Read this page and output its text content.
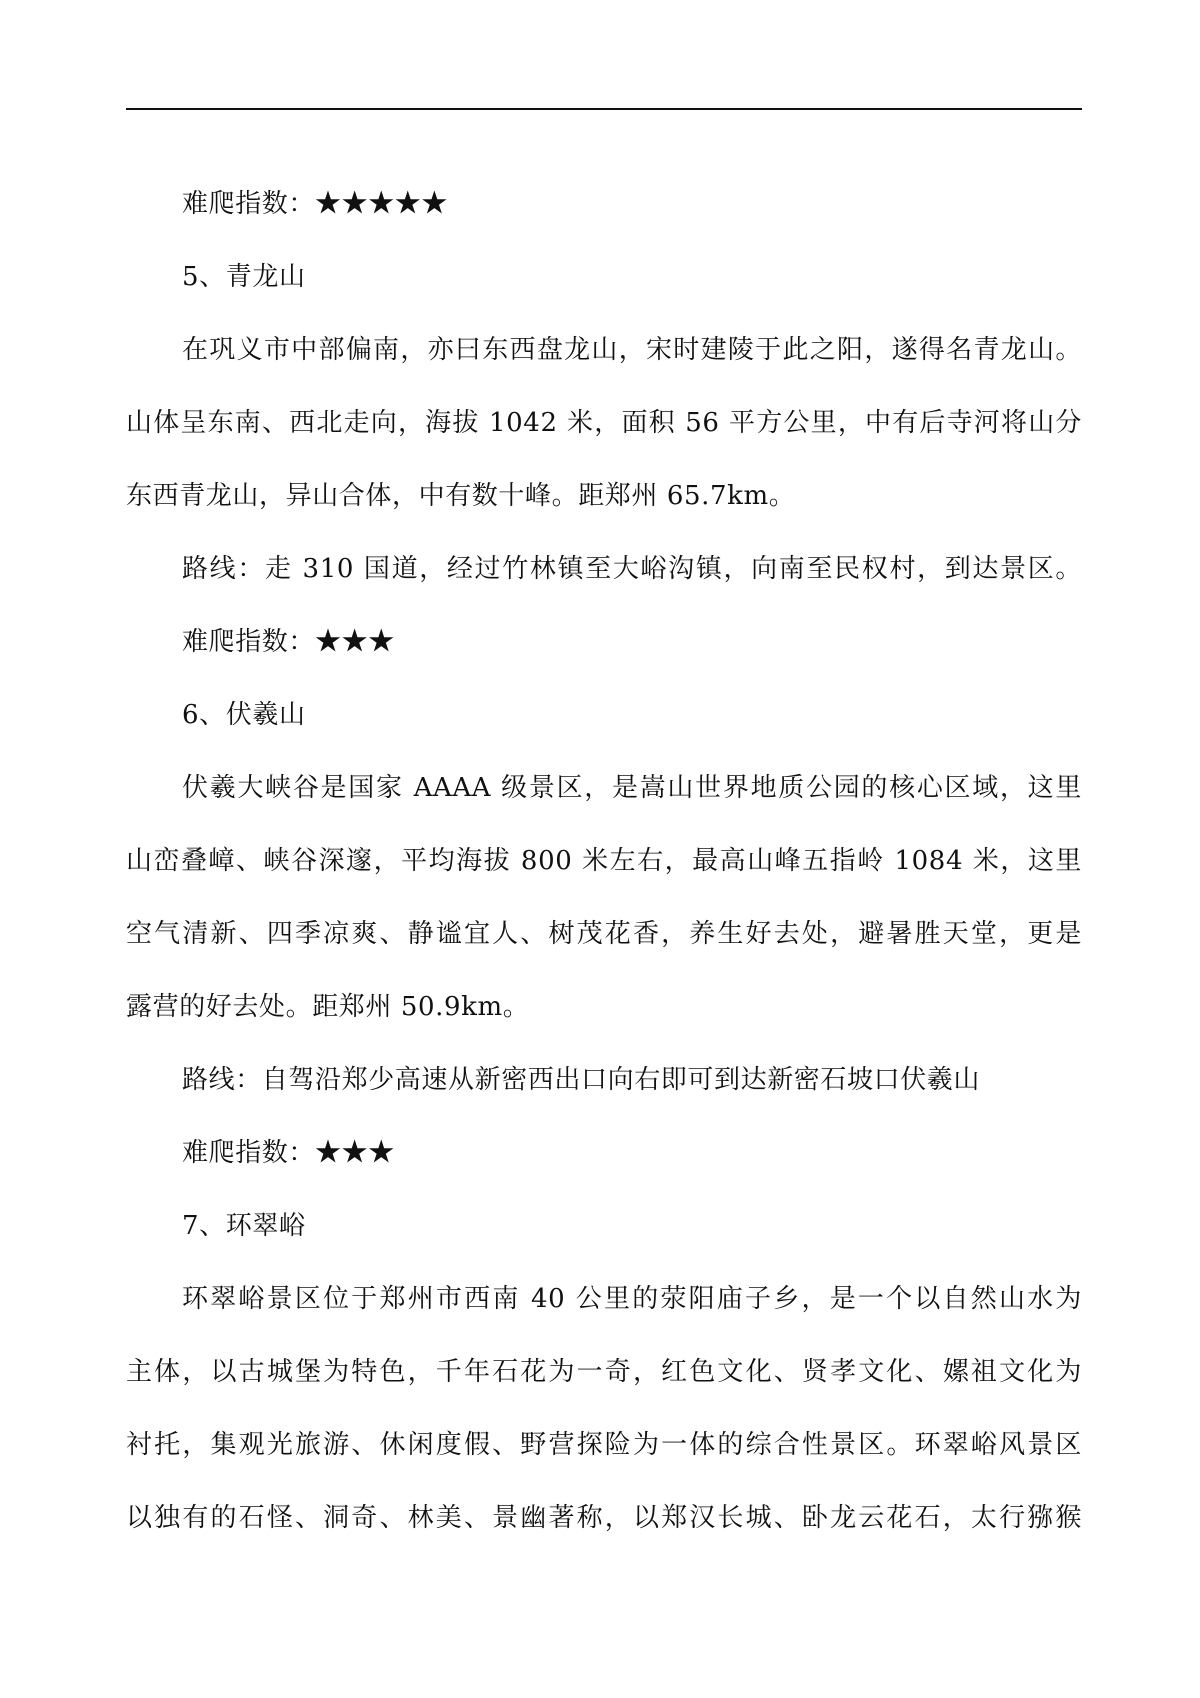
难爬指数：★★★★★
5、青龙山
在巩义市中部偏南，亦曰东西盘龙山，宋时建陵于此之阳，遂得名青龙山。
山体呈东南、西北走向，海拔 1042 米，面积 56 平方公里，中有后寺河将山分
东西青龙山，异山合体，中有数十峰。距郑州 65.7km。
路线：走 310 国道，经过竹林镇至大峪沟镇，向南至民权村，到达景区。
难爬指数：★★★
6、伏羲山
伏羲大峡谷是国家 AAAA 级景区，是嵩山世界地质公园的核心区域，这里
山峦叠嶂、峡谷深邃，平均海拔 800 米左右，最高山峰五指岭 1084 米，这里
空气清新、四季凉爽、静谧宜人、树茂花香，养生好去处，避暑胜天堂，更是
露营的好去处。距郑州 50.9km。
路线：自驾沿郑少高速从新密西出口向右即可到达新密石坡口伏羲山
难爬指数：★★★
7、环翠峪
环翠峪景区位于郑州市西南 40 公里的荥阳庙子乡，是一个以自然山水为
主体，以古城堡为特色，千年石花为一奇，红色文化、贤孝文化、嫘祖文化为
衬托，集观光旅游、休闲度假、野营探险为一体的综合性景区。环翠峪风景区
以独有的石怪、洞奇、林美、景幽著称，以郑汉长城、卧龙云花石，太行猕猴
